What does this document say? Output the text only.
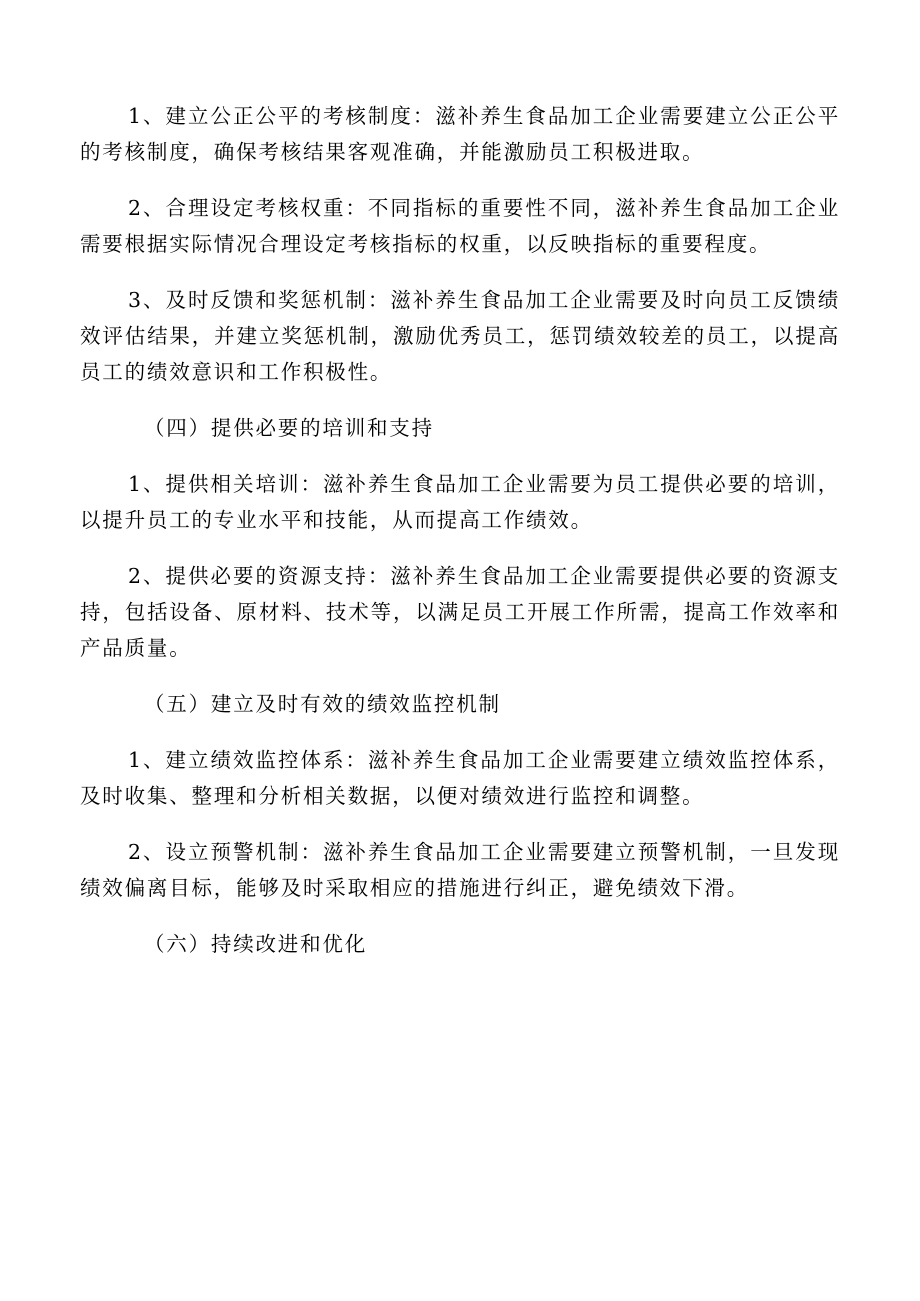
1、建立公正公平的考核制度：滋补养生食品加工企业需要建立公正公平的考核制度，确保考核结果客观准确，并能激励员工积极进取。

2、合理设定考核权重：不同指标的重要性不同，滋补养生食品加工企业需要根据实际情况合理设定考核指标的权重，以反映指标的重要程度。

3、及时反馈和奖惩机制：滋补养生食品加工企业需要及时向员工反馈绩效评估结果，并建立奖惩机制，激励优秀员工，惩罚绩效较差的员工，以提高员工的绩效意识和工作积极性。

（四）提供必要的培训和支持

1、提供相关培训：滋补养生食品加工企业需要为员工提供必要的培训，以提升员工的专业水平和技能，从而提高工作绩效。

2、提供必要的资源支持：滋补养生食品加工企业需要提供必要的资源支持，包括设备、原材料、技术等，以满足员工开展工作所需，提高工作效率和产品质量。

（五）建立及时有效的绩效监控机制

1、建立绩效监控体系：滋补养生食品加工企业需要建立绩效监控体系，及时收集、整理和分析相关数据，以便对绩效进行监控和调整。

2、设立预警机制：滋补养生食品加工企业需要建立预警机制，一旦发现绩效偏离目标，能够及时采取相应的措施进行纠正，避免绩效下滑。

（六）持续改进和优化
